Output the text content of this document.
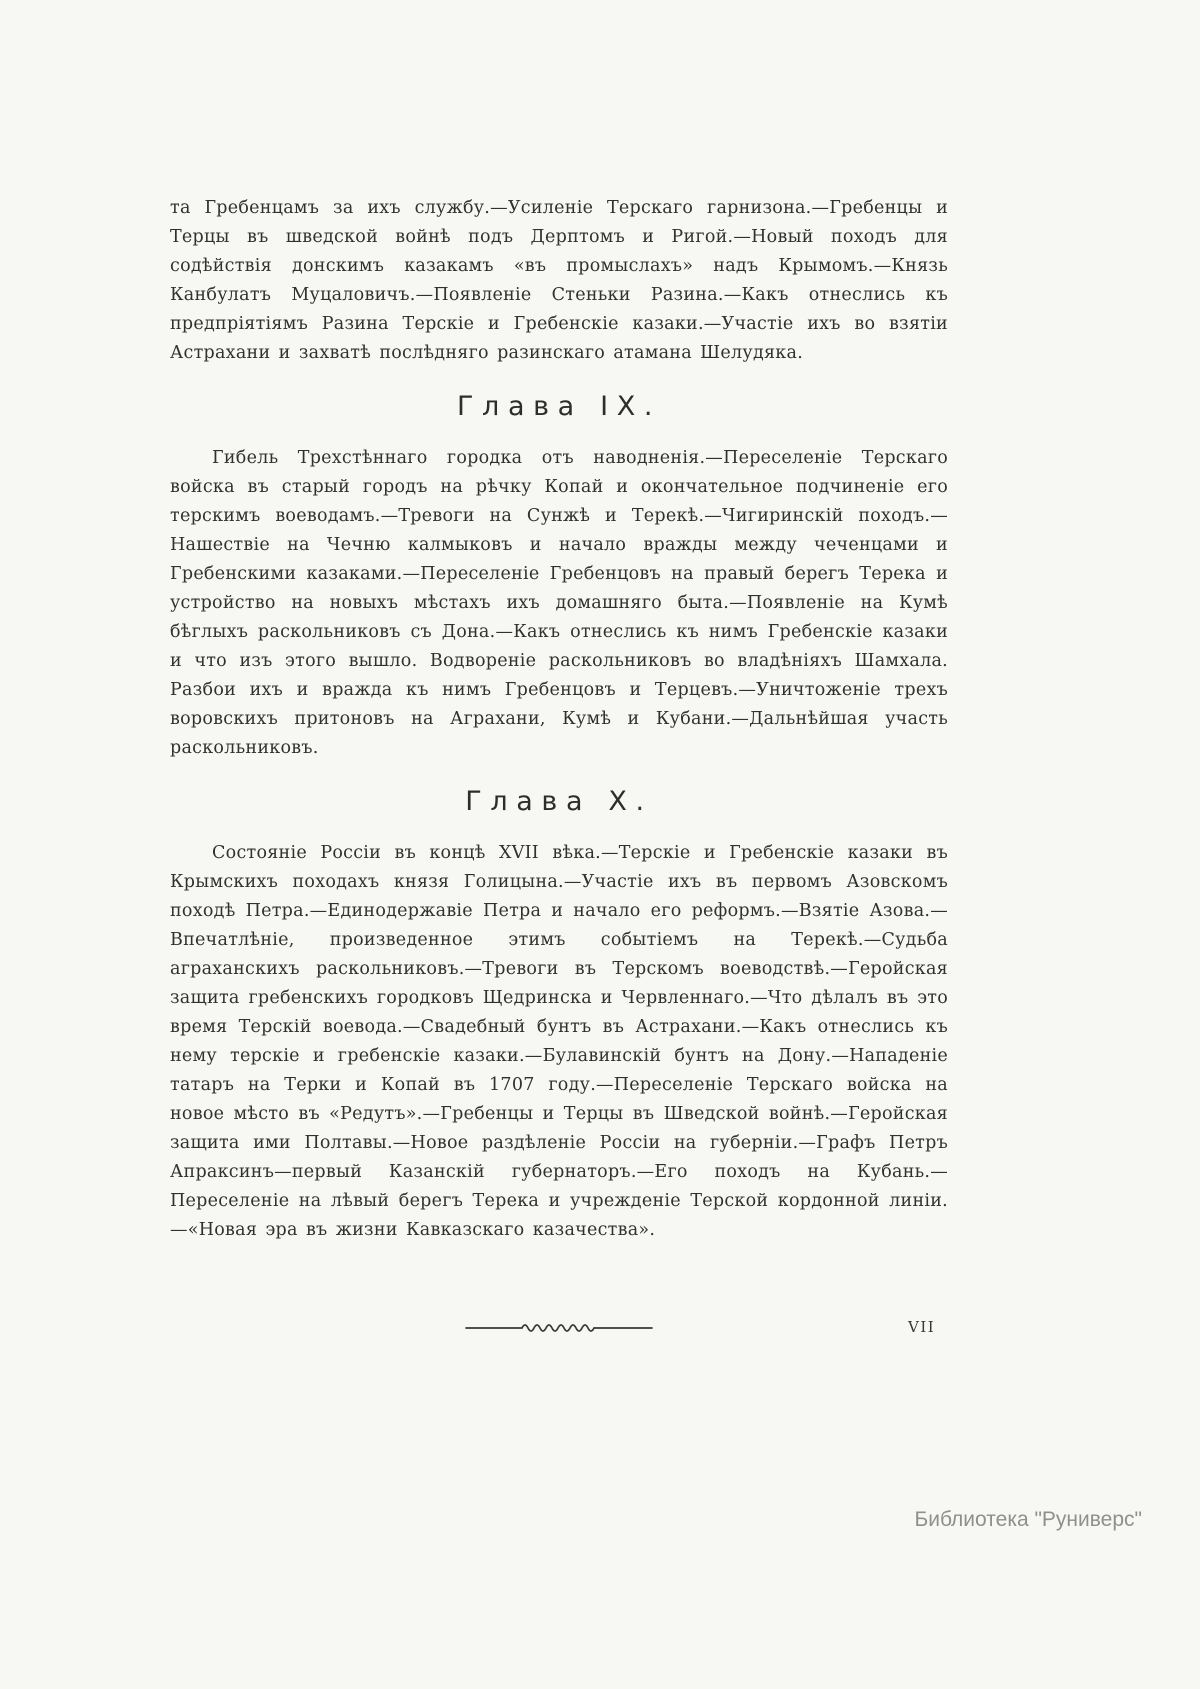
та Гребенцамъ за ихъ службу.—Усиленіе Терскаго гарнизона.—Гребенцы и Терцы въ шведской войнѣ подъ Дерптомъ и Ригой.—Новый походъ для содѣйствія донскимъ казакамъ «въ промыслахъ» надъ Крымомъ.—Князь Канбулатъ Муцаловичъ.—Появленіе Стеньки Разина.—Какъ отнеслись къ предпріятіямъ Разина Терскіе и Гребенскіе казаки.—Участіе ихъ во взятіи Астрахани и захватѣ послѣдняго разинскаго атамана Шелудяка.

Глава IX.

Гибель Трехстѣннаго городка отъ наводненія.—Переселеніе Терскаго войска въ старый городъ на рѣчку Копай и окончательное подчиненіе его терскимъ воеводамъ.—Тревоги на Сунжѣ и Терекѣ.—Чигиринскій походъ.—Нашествіе на Чечню калмыковъ и начало вражды между чеченцами и Гребенскими казаками.—Переселеніе Гребенцовъ на правый берегъ Терека и устройство на новыхъ мѣстахъ ихъ домашняго быта.—Появленіе на Кумѣ бѣглыхъ раскольниковъ съ Дона.—Какъ отнеслись къ нимъ Гребенскіе казаки и что изъ этого вышло. Водвореніе раскольниковъ во владѣніяхъ Шамхала. Разбои ихъ и вражда къ нимъ Гребенцовъ и Терцевъ.—Уничтоженіе трехъ воровскихъ притоновъ на Аграхани, Кумѣ и Кубани.—Дальнѣйшая участь раскольниковъ.

Глава X.

Состояніе Россіи въ концѣ XVII вѣка.—Терскіе и Гребенскіе казаки въ Крымскихъ походахъ князя Голицына.—Участіе ихъ въ первомъ Азовскомъ походѣ Петра.—Единодержавіе Петра и начало его реформъ.—Взятіе Азова.—Впечатлѣніе, произведенное этимъ событіемъ на Терекѣ.—Судьба аграханскихъ раскольниковъ.—Тревоги въ Терскомъ воеводствѣ.—Геройская защита гребенскихъ городковъ Щедринска и Червленнаго.—Что дѣлалъ въ это время Терскій воевода.—Свадебный бунтъ въ Астрахани.—Какъ отнеслись къ нему терскіе и гребенскіе казаки.—Булавинскій бунтъ на Дону.—Нападеніе татаръ на Терки и Копай въ 1707 году.—Переселеніе Терскаго войска на новое мѣсто въ «Редутъ».—Гребенцы и Терцы въ Шведской войнѣ.—Геройская защита ими Полтавы.—Новое раздѣленіе Россіи на губерніи.—Графъ Петръ Апраксинъ—первый Казанскій губернаторъ.—Его походъ на Кубань.—Переселеніе на лѣвый берегъ Терека и учрежденіе Терской кордонной линіи.—«Новая эра въ жизни Кавказскаго казачества».

VII
Библиотека "Руниверс"
